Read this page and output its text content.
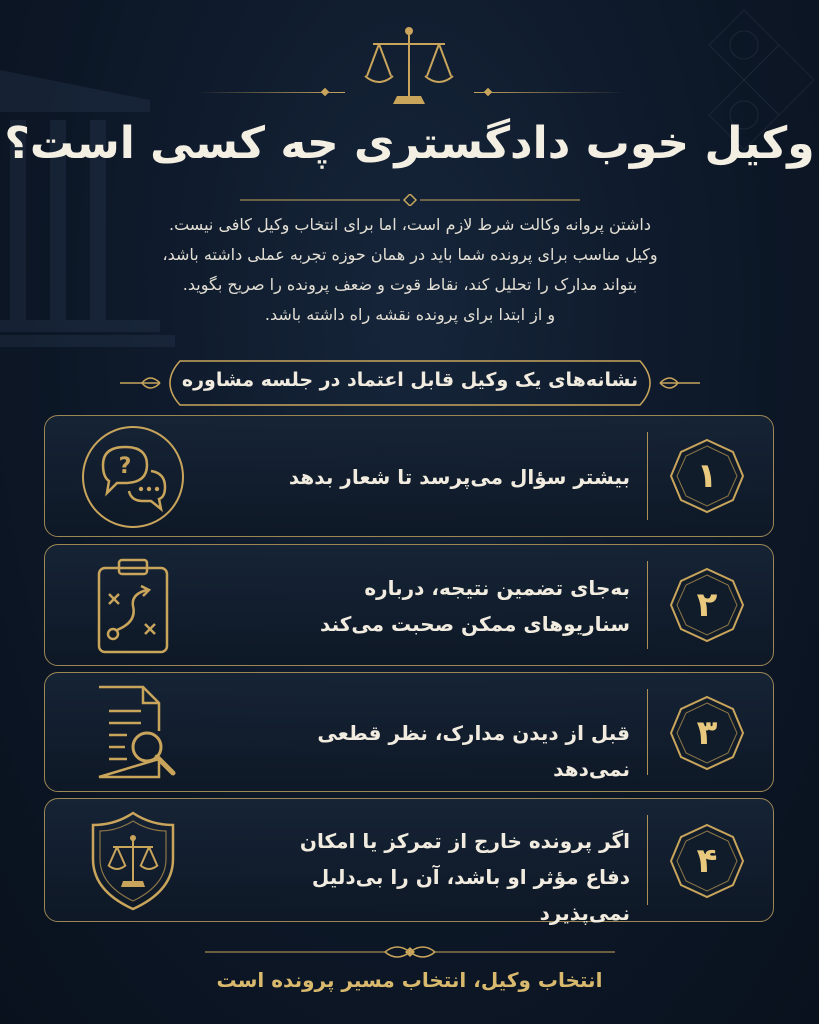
وکیل خوب دادگستری چه کسی است؟

داشتن پروانه وکالت شرط لازم است، اما برای انتخاب وکیل کافی نیست.

وکیل مناسب برای پرونده شما باید در همان حوزه تجربه عملی داشته باشد،

بتواند مدارک را تحلیل کند، نقاط قوت و ضعف پرونده را صریح بگوید.

و از ابتدا برای پرونده نقشه راه داشته باشد.

نشانه‌های یک وکیل قابل اعتماد در جلسه مشاوره
?	بیشتر سؤال می‌پرسد تا شعار بدهد	۱
به‌جای تضمین نتیجه، درباره سناریوهای ممکن صحبت می‌کند	۲
قبل از دیدن مدارک، نظر قطعی نمی‌دهد
۳
اگر پرونده خارج از تمرکز یا امکان دفاع مؤثر او باشد، آن را بی‌دلیل نمی‌پذیرد
۴
انتخاب وکیل، انتخاب مسیر پرونده است
